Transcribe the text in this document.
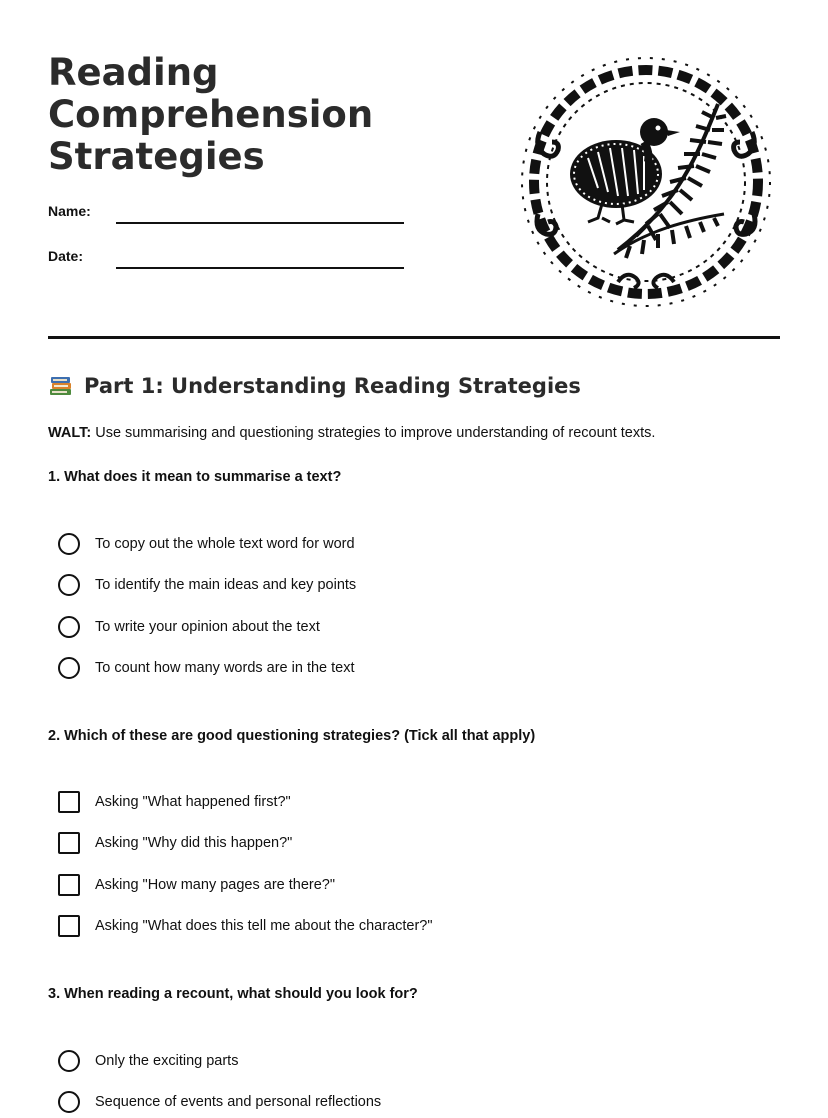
Reading
Comprehension
Strategies
Name:
Date:
Part 1: Understanding Reading Strategies

WALT: Use summarising and questioning strategies to improve understanding of recount texts.

1. What does it mean to summarise a text?

To copy out the whole text word for word
To identify the main ideas and key points
To write your opinion about the text
To count how many words are in the text

2. Which of these are good questioning strategies? (Tick all that apply)

Asking "What happened first?"
Asking "Why did this happen?"
Asking "How many pages are there?"
Asking "What does this tell me about the character?"

3. When reading a recount, what should you look for?

Only the exciting parts
Sequence of events and personal reflections
